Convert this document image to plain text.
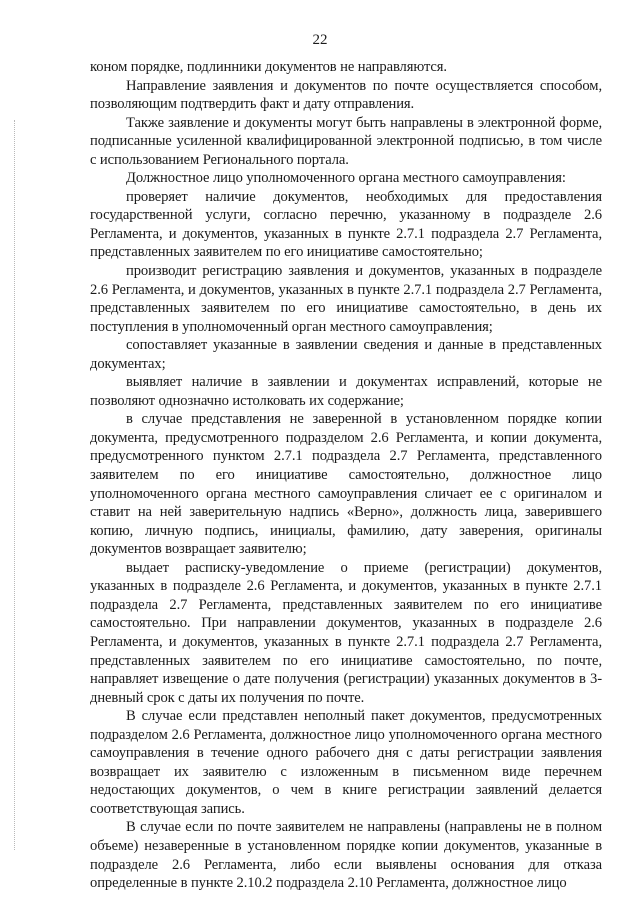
22

коном порядке, подлинники документов не направляются.

Направление заявления и документов по почте осуществляется способом, позволяющим подтвердить факт и дату отправления.

Также заявление и документы могут быть направлены в электронной форме, подписанные усиленной квалифицированной электронной подписью, в том числе с использованием Регионального портала.

Должностное лицо уполномоченного органа местного самоуправления:

проверяет наличие документов, необходимых для предоставления государственной услуги, согласно перечню, указанному в подразделе 2.6 Регламента, и документов, указанных в пункте 2.7.1 подраздела 2.7 Регламента, представленных заявителем по его инициативе самостоятельно;

производит регистрацию заявления и документов, указанных в подразделе 2.6 Регламента, и документов, указанных в пункте 2.7.1 подраздела 2.7 Регламента, представленных заявителем по его инициативе самостоятельно, в день их поступления в уполномоченный орган местного самоуправления;

сопоставляет указанные в заявлении сведения и данные в представленных документах;

выявляет наличие в заявлении и документах исправлений, которые не позволяют однозначно истолковать их содержание;

в случае представления не заверенной в установленном порядке копии документа, предусмотренного подразделом 2.6 Регламента, и копии документа, предусмотренного пунктом 2.7.1 подраздела 2.7 Регламента, представленного заявителем по его инициативе самостоятельно, должностное лицо уполномоченного органа местного самоуправления сличает ее с оригиналом и ставит на ней заверительную надпись «Верно», должность лица, заверившего копию, личную подпись, инициалы, фамилию, дату заверения, оригиналы документов возвращает заявителю;

выдает расписку-уведомление о приеме (регистрации) документов, указанных в подразделе 2.6 Регламента, и документов, указанных в пункте 2.7.1 подраздела 2.7 Регламента, представленных заявителем по его инициативе самостоятельно. При направлении документов, указанных в подразделе 2.6 Регламента, и документов, указанных в пункте 2.7.1 подраздела 2.7 Регламента, представленных заявителем по его инициативе самостоятельно, по почте, направляет извещение о дате получения (регистрации) указанных документов в 3-дневный срок с даты их получения по почте.

В случае если представлен неполный пакет документов, предусмотренных подразделом 2.6 Регламента, должностное лицо уполномоченного органа местного самоуправления в течение одного рабочего дня с даты регистрации заявления возвращает их заявителю с изложенным в письменном виде перечнем недостающих документов, о чем в книге регистрации заявлений делается соответствующая запись.

В случае если по почте заявителем не направлены (направлены не в полном объеме) незаверенные в установленном порядке копии документов, указанные в подразделе 2.6 Регламента, либо если выявлены основания для отказа определенные в пункте 2.10.2 подраздела 2.10 Регламента, должностное лицо
